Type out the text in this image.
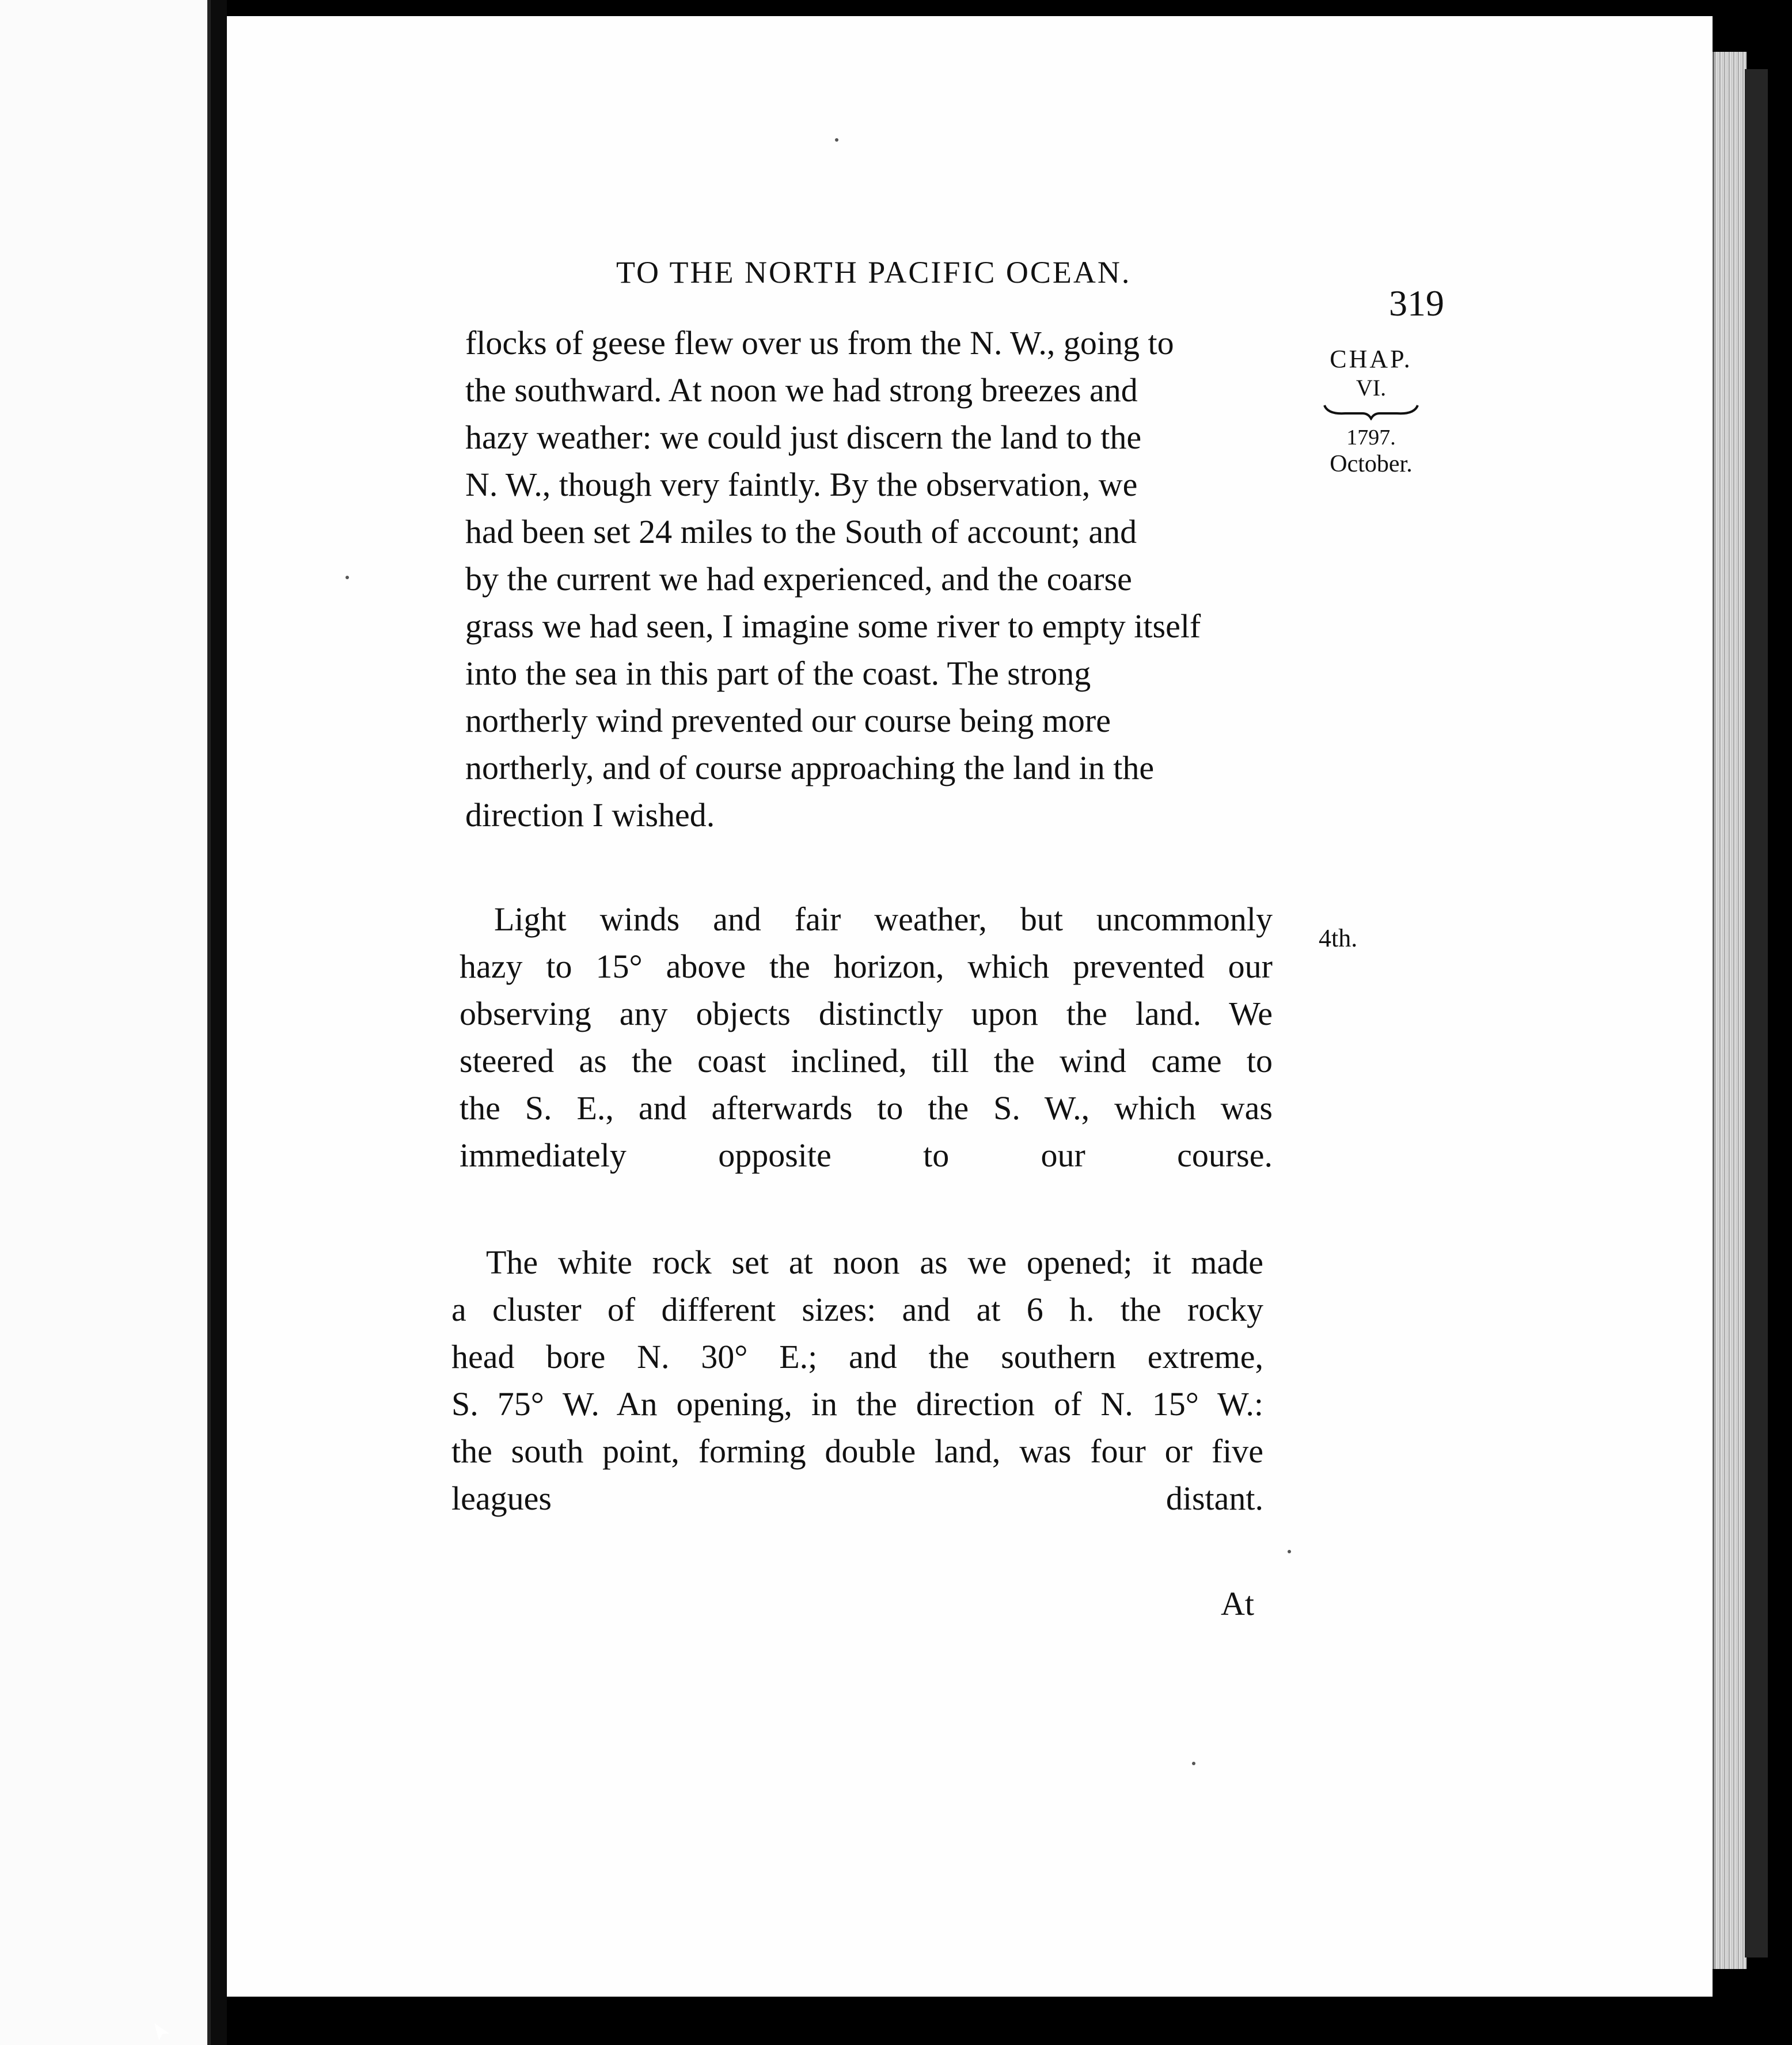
TO THE NORTH PACIFIC OCEAN.
319
CHAP.
VI.
1797.
October.
4th.
flocks of geese flew over us from the N. W., going to
the southward. At noon we had strong breezes and
hazy weather: we could just discern the land to the
N. W., though very faintly. By the observation, we
had been set 24 miles to the South of account; and
by the current we had experienced, and the coarse
grass we had seen, I imagine some river to empty itself
into the sea in this part of the coast. The strong
northerly wind prevented our course being more
northerly, and of course approaching the land in the
direction I wished.
Light winds and fair weather, but uncommonly
hazy to 15° above the horizon, which prevented our
observing any objects distinctly upon the land. We
steered as the coast inclined, till the wind came to
the S. E., and afterwards to the S. W., which was
immediately opposite to our course.
The white rock set at noon as we opened; it made
a cluster of different sizes: and at 6 h. the rocky
head bore N. 30° E.; and the southern extreme,
S. 75° W. An opening, in the direction of N. 15° W.:
the south point, forming double land, was four or five
leagues distant.
At
